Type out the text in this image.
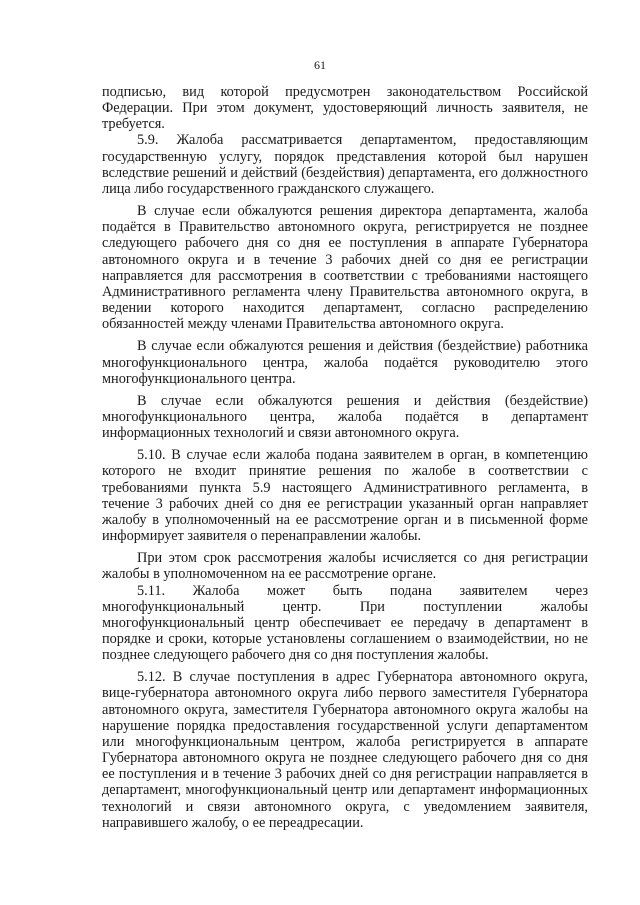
61

подписью, вид которой предусмотрен законодательством Российской Федерации. При этом документ, удостоверяющий личность заявителя, не требуется.

5.9. Жалоба рассматривается департаментом, предоставляющим государственную услугу, порядок представления которой был нарушен вследствие решений и действий (бездействия) департамента, его должностного лица либо государственного гражданского служащего.

В случае если обжалуются решения директора департамента, жалоба подаётся в Правительство автономного округа, регистрируется не позднее следующего рабочего дня со дня ее поступления в аппарате Губернатора автономного округа и в течение 3 рабочих дней со дня ее регистрации направляется для рассмотрения в соответствии с требованиями настоящего Административного регламента члену Правительства автономного округа, в ведении которого находится департамент, согласно распределению обязанностей между членами Правительства автономного округа.

В случае если обжалуются решения и действия (бездействие) работника многофункционального центра, жалоба подаётся руководителю этого многофункционального центра.

В случае если обжалуются решения и действия (бездействие) многофункционального центра, жалоба подаётся в департамент информационных технологий и связи автономного округа.

5.10. В случае если жалоба подана заявителем в орган, в компетенцию которого не входит принятие решения по жалобе в соответствии с требованиями пункта 5.9 настоящего Административного регламента, в течение 3 рабочих дней со дня ее регистрации указанный орган направляет жалобу в уполномоченный на ее рассмотрение орган и в письменной форме информирует заявителя о перенаправлении жалобы.

При этом срок рассмотрения жалобы исчисляется со дня регистрации жалобы в уполномоченном на ее рассмотрение органе.

5.11. Жалоба может быть подана заявителем через многофункциональный центр. При поступлении жалобы многофункциональный центр обеспечивает ее передачу в департамент в порядке и сроки, которые установлены соглашением о взаимодействии, но не позднее следующего рабочего дня со дня поступления жалобы.

5.12. В случае поступления в адрес Губернатора автономного округа, вице-губернатора автономного округа либо первого заместителя Губернатора автономного округа, заместителя Губернатора автономного округа жалобы на нарушение порядка предоставления государственной услуги департаментом или многофункциональным центром, жалоба регистрируется в аппарате Губернатора автономного округа не позднее следующего рабочего дня со дня ее поступления и в течение 3 рабочих дней со дня регистрации направляется в департамент, многофункциональный центр или департамент информационных технологий и связи автономного округа, с уведомлением заявителя, направившего жалобу, о ее переадресации.
